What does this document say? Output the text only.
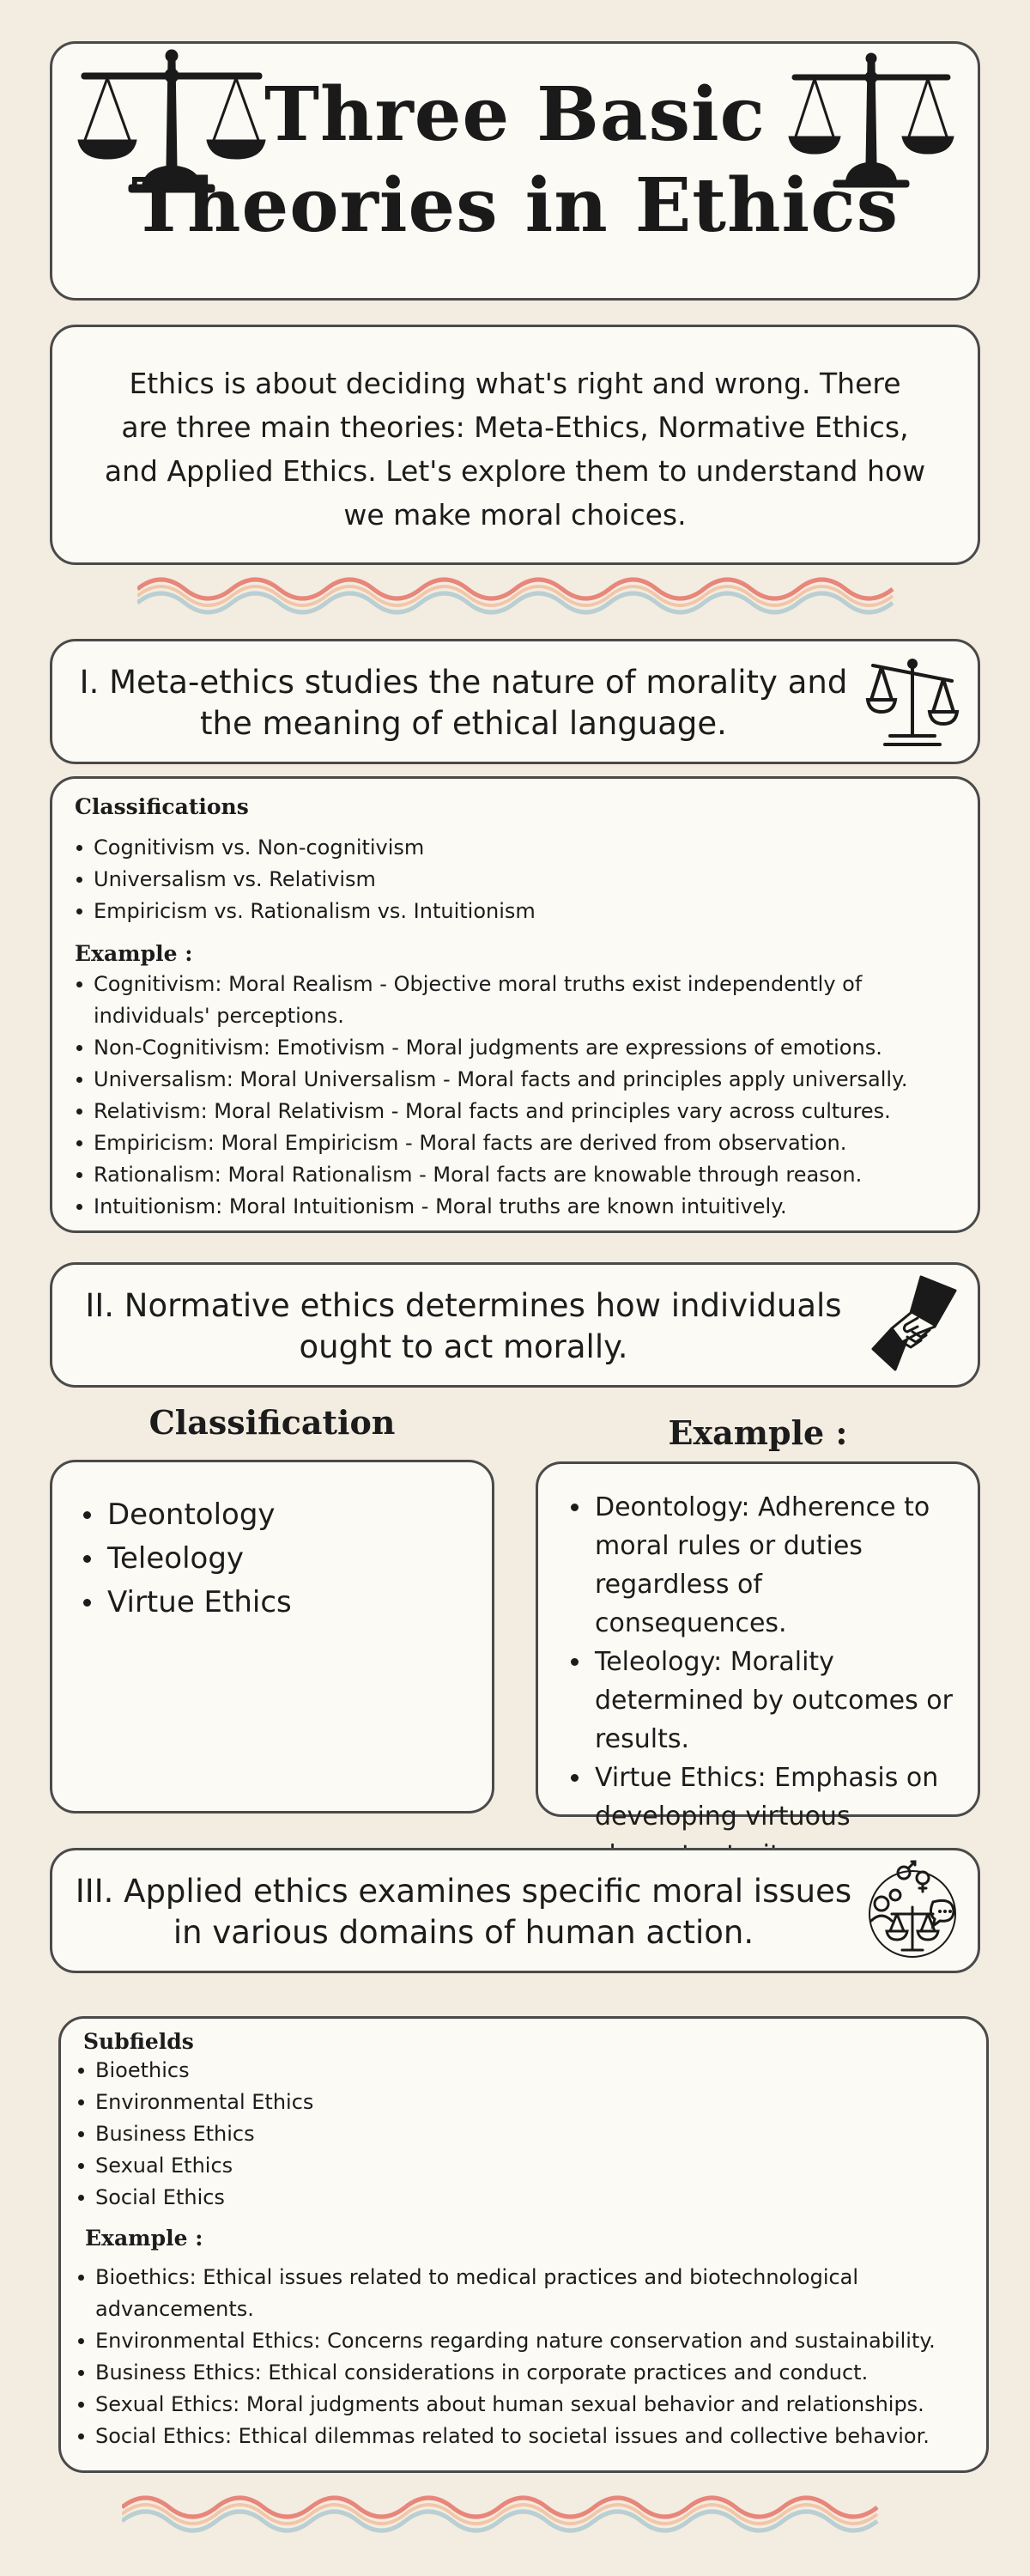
Three Basic
Theories in Ethics
Ethics is about deciding what's right and wrong. There are three main theories: Meta-Ethics, Normative Ethics, and Applied Ethics. Let's explore them to understand how we make moral choices.
I. Meta-ethics studies the nature of morality and the meaning of ethical language.
Classifications
Cognitivism vs. Non-cognitivism
Universalism vs. Relativism
Empiricism vs. Rationalism vs. Intuitionism
Example :
Cognitivism: Moral Realism - Objective moral truths exist independently of individuals' perceptions.
Non-Cognitivism: Emotivism - Moral judgments are expressions of emotions.
Universalism: Moral Universalism - Moral facts and principles apply universally.
Relativism: Moral Relativism - Moral facts and principles vary across cultures.
Empiricism: Moral Empiricism - Moral facts are derived from observation.
Rationalism: Moral Rationalism - Moral facts are knowable through reason.
Intuitionism: Moral Intuitionism - Moral truths are known intuitively.
II. Normative ethics determines how individuals ought to act morally.
Classification	Example :
Deontology
Teleology
Virtue Ethics
Deontology: Adherence to moral rules or duties regardless of consequences.
Teleology: Morality determined by outcomes or results.
Virtue Ethics: Emphasis on developing virtuous
III. Applied ethics examines specific moral issues in various domains of human action.
Subfields
Bioethics
Environmental Ethics
Business Ethics
Sexual Ethics
Social Ethics
Example :
Bioethics: Ethical issues related to medical practices and biotechnological advancements.
Environmental Ethics: Concerns regarding nature conservation and sustainability.
Business Ethics: Ethical considerations in corporate practices and conduct.
Sexual Ethics: Moral judgments about human sexual behavior and relationships.
Social Ethics: Ethical dilemmas related to societal issues and collective behavior.
